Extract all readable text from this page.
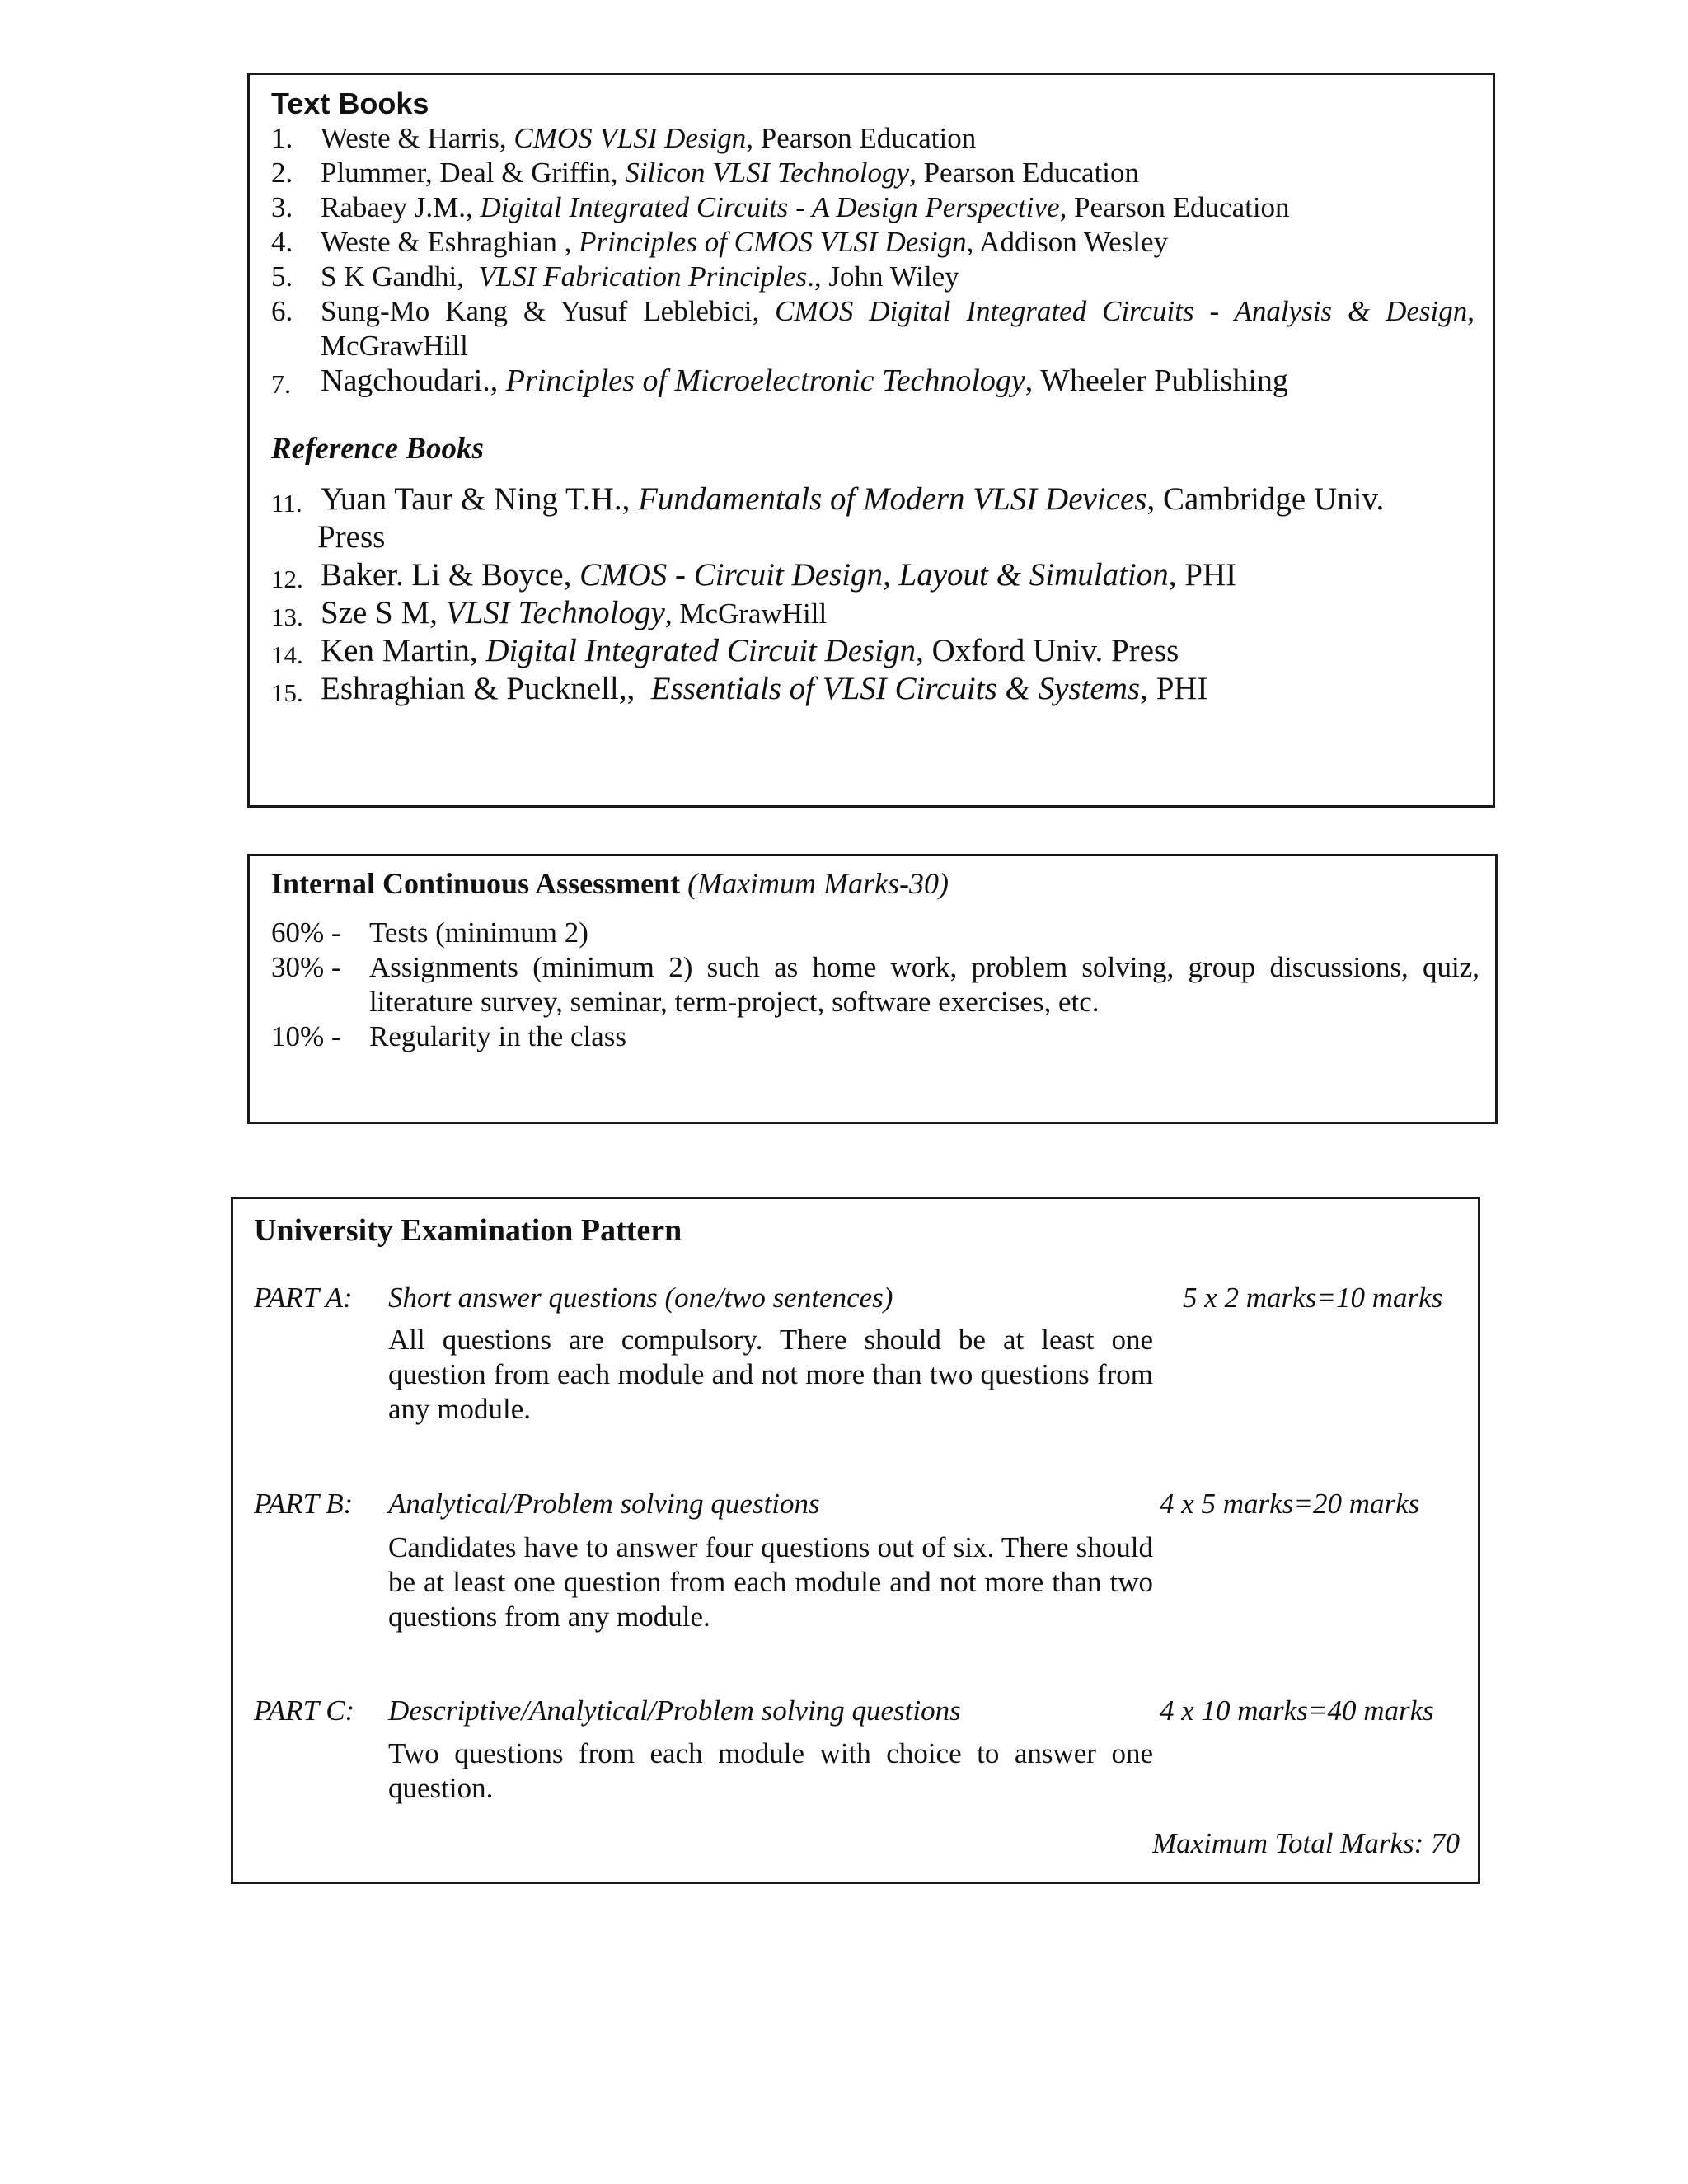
Text Books
1. Weste & Harris, CMOS VLSI Design, Pearson Education
2. Plummer, Deal & Griffin, Silicon VLSI Technology, Pearson Education
3. Rabaey J.M., Digital Integrated Circuits - A Design Perspective, Pearson Education
4. Weste & Eshraghian , Principles of CMOS VLSI Design, Addison Wesley
5. S K Gandhi,  VLSI Fabrication Principles., John Wiley
6. Sung-Mo Kang & Yusuf Leblebici, CMOS Digital Integrated Circuits - Analysis & Design,
McGrawHill
7. Nagchoudari., Principles of Microelectronic Technology, Wheeler Publishing
Reference Books
11. Yuan Taur & Ning T.H., Fundamentals of Modern VLSI Devices, Cambridge Univ.
Press
12. Baker. Li & Boyce, CMOS - Circuit Design, Layout & Simulation, PHI
13. Sze S M, VLSI Technology, McGrawHill
14. Ken Martin, Digital Integrated Circuit Design, Oxford Univ. Press
15. Eshraghian & Pucknell,,  Essentials of VLSI Circuits & Systems, PHI
Internal Continuous Assessment (Maximum Marks-30)
60% - Tests (minimum 2)
30% - Assignments (minimum 2) such as home work, problem solving, group discussions, quiz, literature survey, seminar, term-project, software exercises, etc.
10% - Regularity in the class
University Examination Pattern
PART A: Short answer questions (one/two sentences)	5 x 2 marks=10 marks
All questions are compulsory. There should be at least one question from each module and not more than two questions from any module.
PART B: Analytical/Problem solving questions	4 x 5 marks=20 marks
Candidates have to answer four questions out of six. There should be at least one question from each module and not more than two questions from any module.
PART C: Descriptive/Analytical/Problem solving questions	4 x 10 marks=40 marks
Two questions from each module with choice to answer one question.
Maximum Total Marks: 70
